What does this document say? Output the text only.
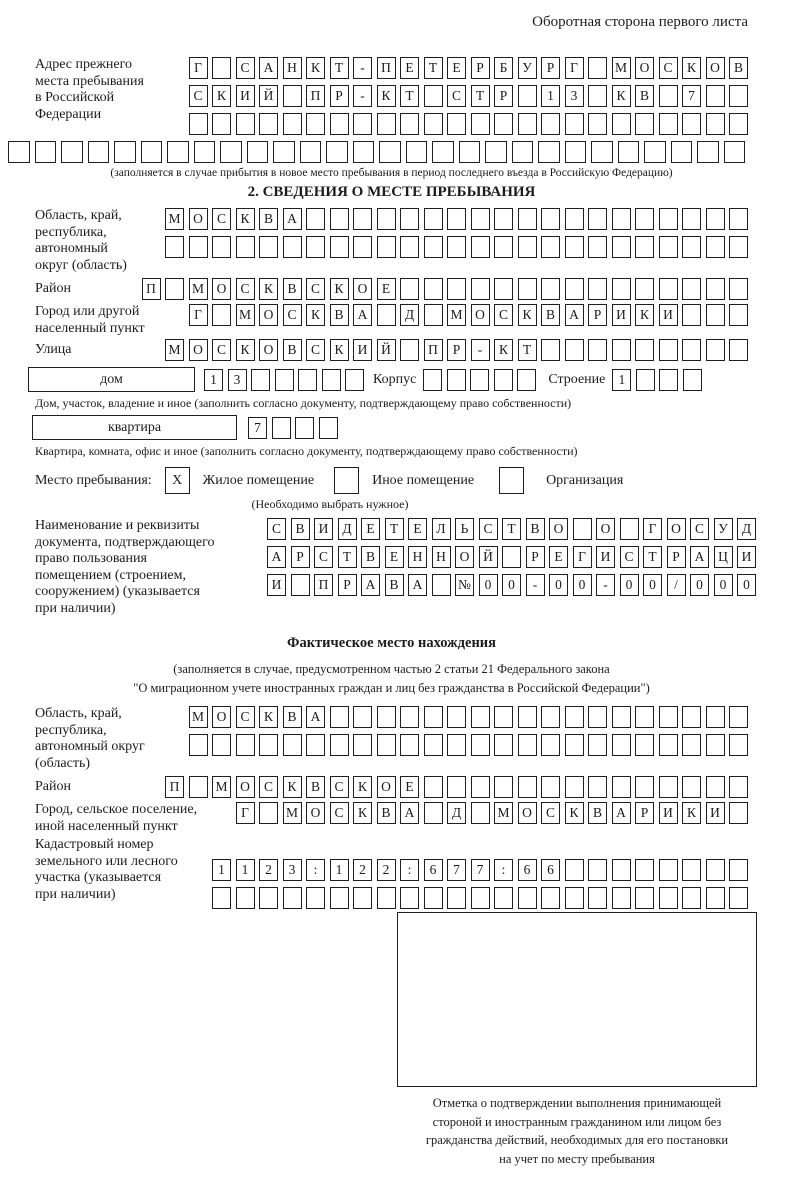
Оборотная сторона первого листа
Адрес прежнего
места пребывания
в Российской
Федерации
Г	С	А	Н	К	Т	-	П	Е	Т	Е	Р	Б	У	Р	Г	М О	С	К	О	В
С	К	И	Й	П	Р	-	К	Т	С	Т	Р	1	3	К	В	7
(заполняется в случае прибытия в новое место пребывания в период последнего въезда в Российскую Федерацию)
2. СВЕДЕНИЯ О МЕСТЕ ПРЕБЫВАНИЯ
Область, край,
республика,
автономный
округ (область)
М О	С	К	В	А
Район	П	М О	С	К	В	С	К	О	Е
Город или другой
населенный пункт
Г	М О	С	К	В	А	Д	М О	С	К	В	А	Р	И	К	И
Улица	М О	С	К	О	В	С	К	И	Й	П	Р	-	К	Т
дом	1	3	Корпус	Строение 1
Дом, участок, владение и иное (заполнить согласно документу, подтверждающему право собственности)
квартира	7
Квартира, комната, офис и иное (заполнить согласно документу, подтверждающему право собственности)
Место пребывания:	X	Жилое помещение	Иное помещение	Организация
(Необходимо выбрать нужное)
Наименование и реквизиты
документа, подтверждающего
право пользования
помещением (строением,
сооружением) (указывается
при наличии)
С	В	И	Д	Е	Т	Е	Л	Ь	С	Т	В	О	О	Г	О	С	У	Д
А	Р	С	Т	В	Е	Н	Н	О	Й	Р	Е	Г	И	С	Т	Р	А	Ц	И
И	П	Р	А	В	А	№	0	0	-	0	0	-	0	0	/	0	0	0
Фактическое место нахождения
(заполняется в случае, предусмотренном частью 2 статьи 21 Федерального закона
"О миграционном учете иностранных граждан и лиц без гражданства в Российской Федерации")
Область, край,
республика,
автономный округ
(область)
М О	С	К	В	А
Район	П	М О	С	К	В	С	К	О	Е
Город, сельское поселение,
иной населенный пункт
Г	М О	С	К	В	А	Д	М О	С	К	В	А	Р	И	К	И
Кадастровый номер
земельного или лесного
участка (указывается
при наличии)
1	1	2	3	:	1	2	2	:	6	7	7	:	6	6
Отметка о подтверждении выполнения принимающей
стороной и иностранным гражданином или лицом без
гражданства действий, необходимых для его постановки
на учет по месту пребывания
